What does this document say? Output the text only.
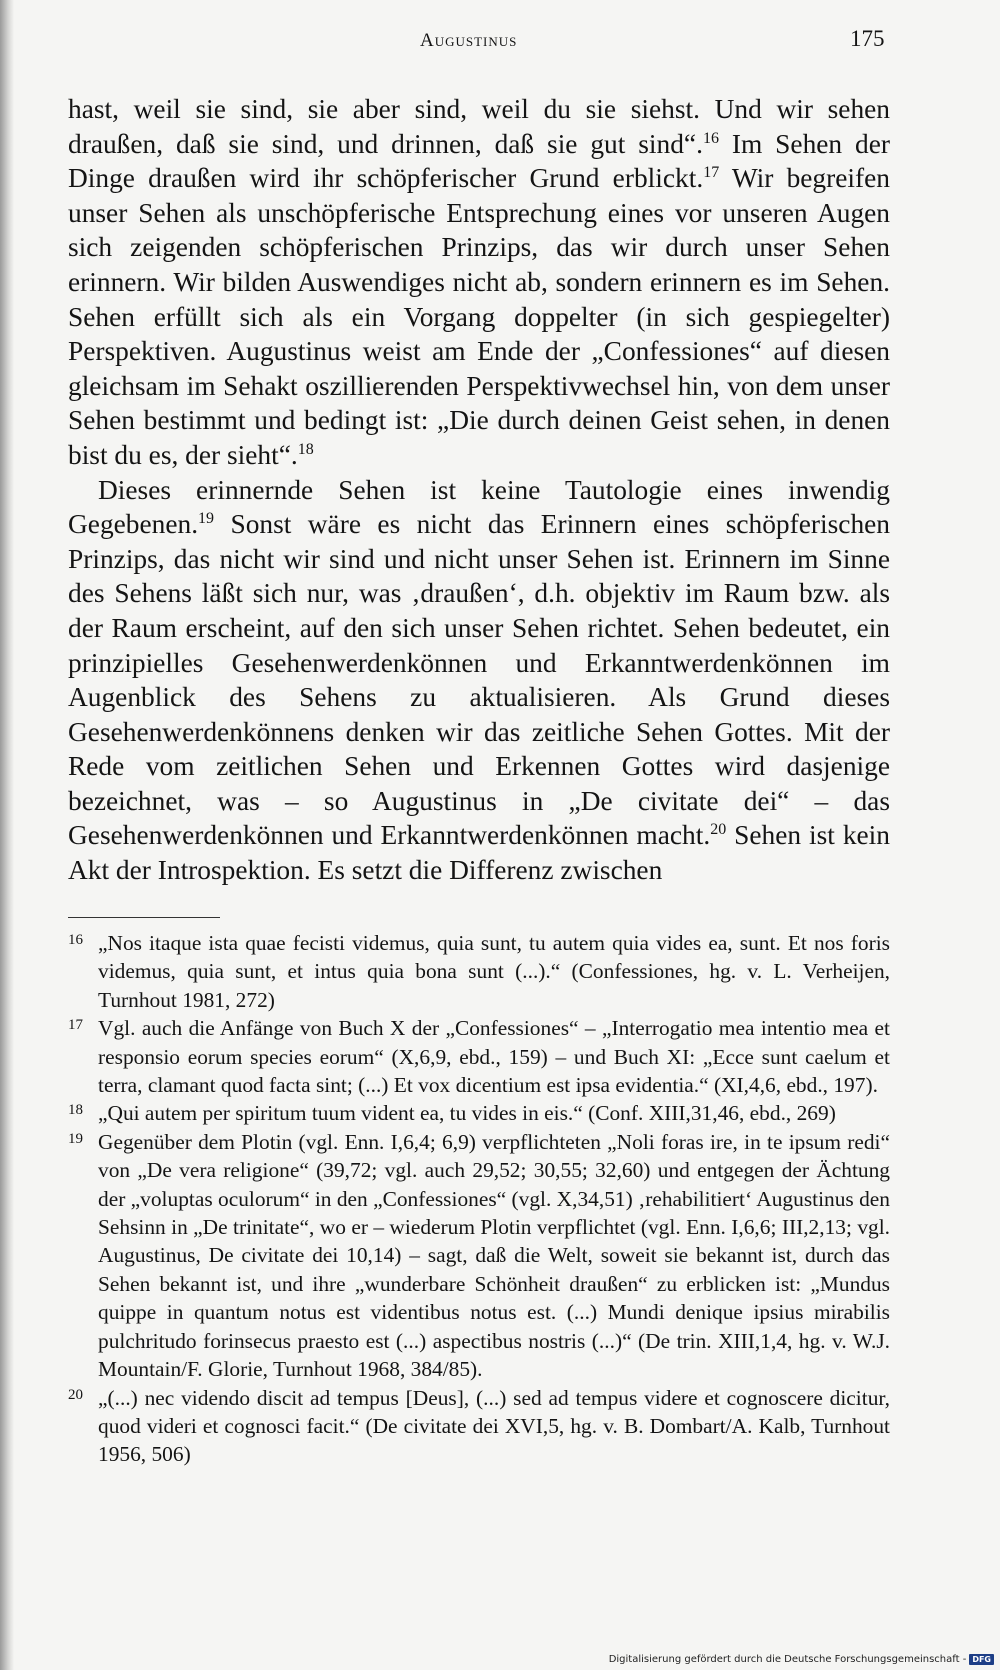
Augustinus	175

hast, weil sie sind, sie aber sind, weil du sie siehst. Und wir sehen draußen, daß sie sind, und drinnen, daß sie gut sind“.$^{16}$ Im Sehen der Dinge draußen wird ihr schöpferischer Grund erblickt.$^{17}$ Wir begreifen unser Sehen als unschöpferische Entsprechung eines vor unseren Augen sich zeigenden schöpferischen Prinzips, das wir durch unser Sehen erinnern. Wir bilden Auswendiges nicht ab, sondern erinnern es im Sehen. Sehen erfüllt sich als ein Vorgang doppelter (in sich gespiegelter) Perspektiven. Augustinus weist am Ende der „Confessiones“ auf diesen gleichsam im Sehakt oszillierenden Perspektivwechsel hin, von dem unser Sehen bestimmt und bedingt ist: „Die durch deinen Geist sehen, in denen bist du es, der sieht“.$^{18}$

Dieses erinnernde Sehen ist keine Tautologie eines inwendig Gegebenen.$^{19}$ Sonst wäre es nicht das Erinnern eines schöpferischen Prinzips, das nicht wir sind und nicht unser Sehen ist. Erinnern im Sinne des Sehens läßt sich nur, was ‚draußen‘, d.h. objektiv im Raum bzw. als der Raum erscheint, auf den sich unser Sehen richtet. Sehen bedeutet, ein prinzipielles Gesehenwerdenkönnen und Erkanntwerdenkönnen im Augenblick des Sehens zu aktualisieren. Als Grund dieses Gesehenwerdenkönnens denken wir das zeitliche Sehen Gottes. Mit der Rede vom zeitlichen Sehen und Erkennen Gottes wird dasjenige bezeichnet, was – so Augustinus in „De civitate dei“ – das Gesehenwerdenkönnen und Erkanntwerdenkönnen macht.$^{20}$ Sehen ist kein Akt der Introspektion. Es setzt die Differenz zwischen

16 „Nos itaque ista quae fecisti videmus, quia sunt, tu autem quia vides ea, sunt. Et nos foris videmus, quia sunt, et intus quia bona sunt (...).“ (Confessiones, hg. v. L. Verheijen, Turnhout 1981, 272)
17 Vgl. auch die Anfänge von Buch X der „Confessiones“ – „Interrogatio mea intentio mea et responsio eorum species eorum“ (X,6,9, ebd., 159) – und Buch XI: „Ecce sunt caelum et terra, clamant quod facta sint; (...) Et vox dicentium est ipsa evidentia.“ (XI,4,6, ebd., 197).
18 „Qui autem per spiritum tuum vident ea, tu vides in eis.“ (Conf. XIII,31,46, ebd., 269)
19 Gegenüber dem Plotin (vgl. Enn. I,6,4; 6,9) verpflichteten „Noli foras ire, in te ipsum redi“ von „De vera religione“ (39,72; vgl. auch 29,52; 30,55; 32,60) und entgegen der Ächtung der „voluptas oculorum“ in den „Confessiones“ (vgl. X,34,51) ‚rehabilitiert‘ Augustinus den Sehsinn in „De trinitate“, wo er – wiederum Plotin verpflichtet (vgl. Enn. I,6,6; III,2,13; vgl. Augustinus, De civitate dei 10,14) – sagt, daß die Welt, soweit sie bekannt ist, durch das Sehen bekannt ist, und ihre „wunderbare Schönheit draußen“ zu erblicken ist: „Mundus quippe in quantum notus est videntibus notus est. (...) Mundi denique ipsius mirabilis pulchritudo forinsecus praesto est (...) aspectibus nostris (...)“ (De trin. XIII,1,4, hg. v. W.J. Mountain/F. Glorie, Turnhout 1968, 384/85).
20 „(...) nec videndo discit ad tempus [Deus], (...) sed ad tempus videre et cognoscere dicitur, quod videri et cognosci facit.“ (De civitate dei XVI,5, hg. v. B. Dombart/A. Kalb, Turnhout 1956, 506)
Digitalisierung gefördert durch die Deutsche Forschungsgemeinschaft - DFG
